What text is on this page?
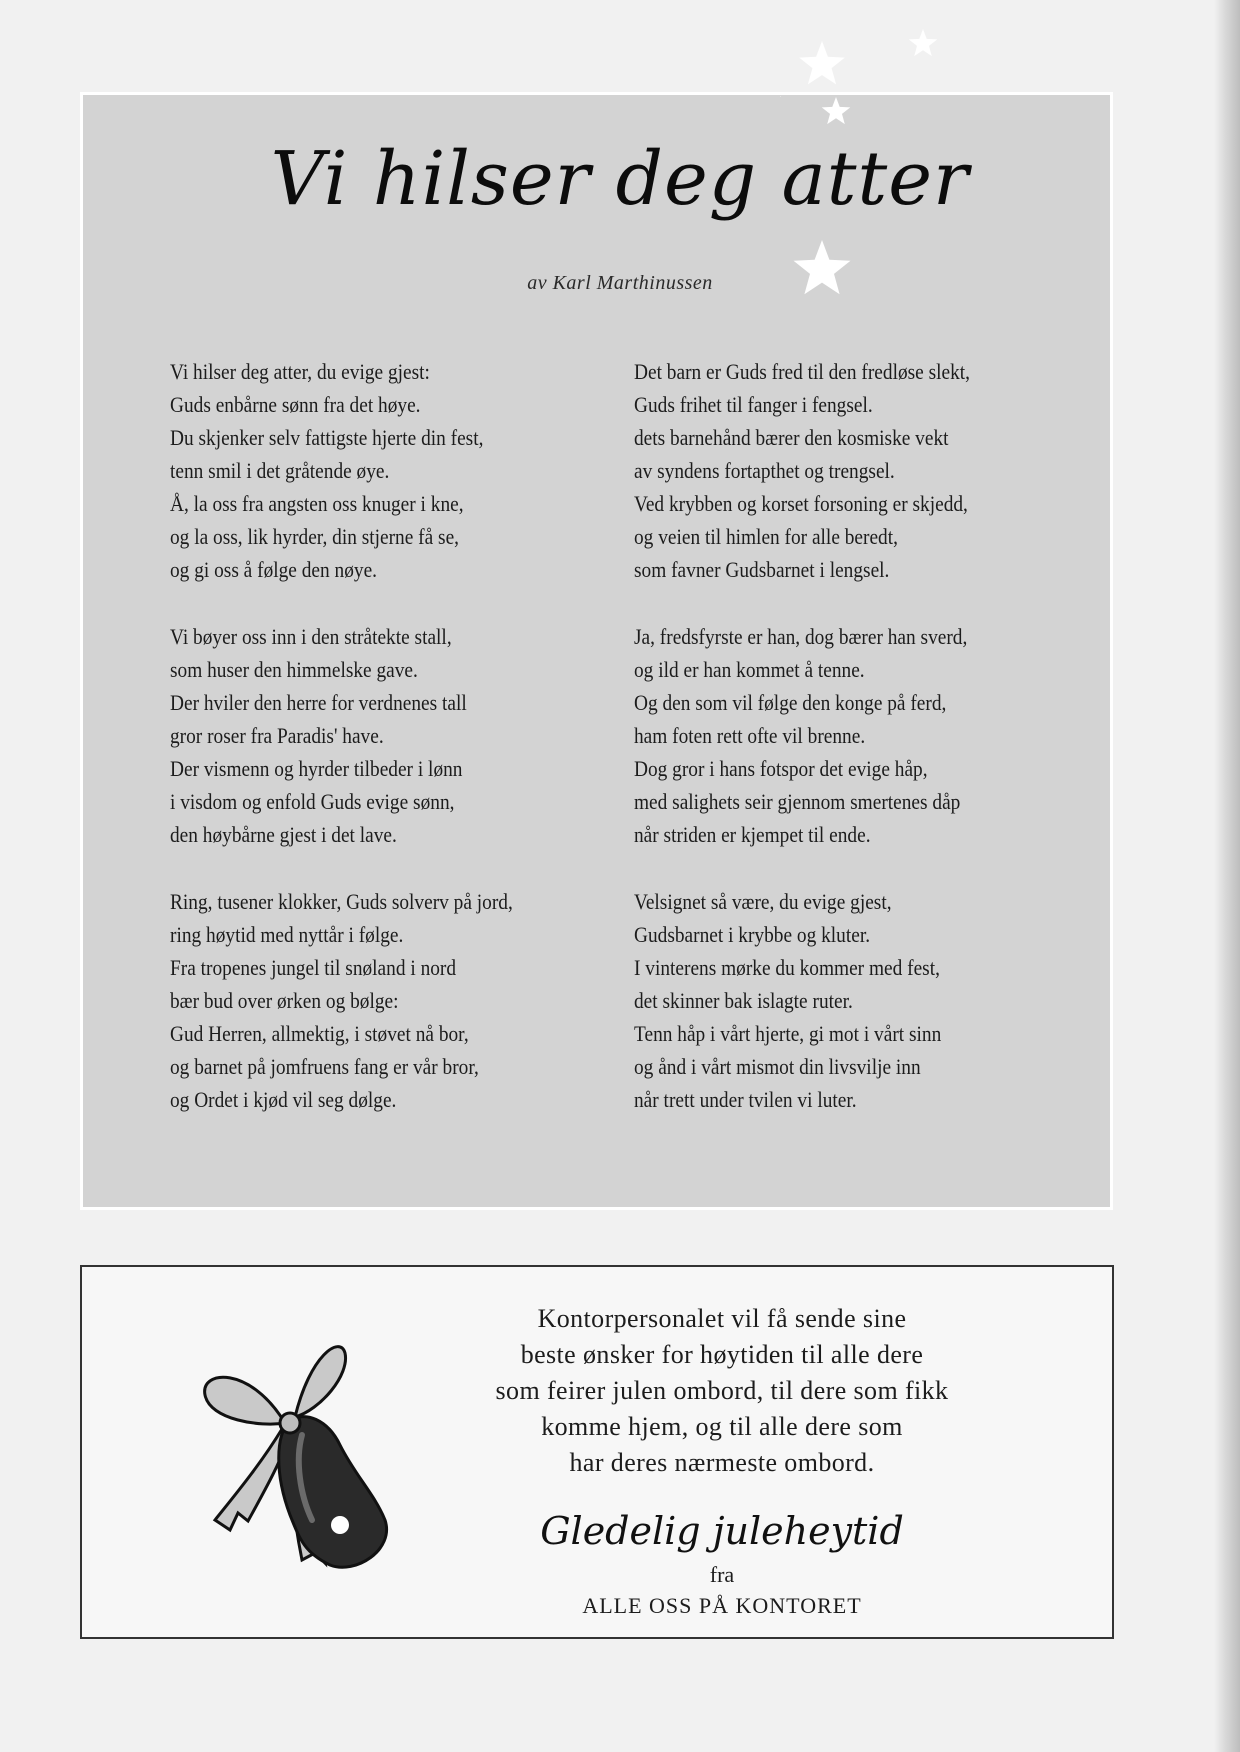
Vi hilser deg atter
av Karl Marthinussen
Vi hilser deg atter, du evige gjest:
Guds enbårne sønn fra det høye.
Du skjenker selv fattigste hjerte din fest,
tenn smil i det gråtende øye.
Å, la oss fra angsten oss knuger i kne,
og la oss, lik hyrder, din stjerne få se,
og gi oss å følge den nøye.
Vi bøyer oss inn i den stråtekte stall,
som huser den himmelske gave.
Der hviler den herre for verdnenes tall
gror roser fra Paradis' have.
Der vismenn og hyrder tilbeder i lønn
i visdom og enfold Guds evige sønn,
den høybårne gjest i det lave.
Ring, tusener klokker, Guds solverv på jord,
ring høytid med nyttår i følge.
Fra tropenes jungel til snøland i nord
bær bud over ørken og bølge:
Gud Herren, allmektig, i støvet nå bor,
og barnet på jomfruens fang er vår bror,
og Ordet i kjød vil seg dølge.
Det barn er Guds fred til den fredløse slekt,
Guds frihet til fanger i fengsel.
dets barnehånd bærer den kosmiske vekt
av syndens fortapthet og trengsel.
Ved krybben og korset forsoning er skjedd,
og veien til himlen for alle beredt,
som favner Gudsbarnet i lengsel.
Ja, fredsfyrste er han, dog bærer han sverd,
og ild er han kommet å tenne.
Og den som vil følge den konge på ferd,
ham foten rett ofte vil brenne.
Dog gror i hans fotspor det evige håp,
med salighets seir gjennom smertenes dåp
når striden er kjempet til ende.
Velsignet så være, du evige gjest,
Gudsbarnet i krybbe og kluter.
I vinterens mørke du kommer med fest,
det skinner bak islagte ruter.
Tenn håp i vårt hjerte, gi mot i vårt sinn
og ånd i vårt mismot din livsvilje inn
når trett under tvilen vi luter.
Kontorpersonalet vil få sende sine
beste ønsker for høytiden til alle dere
som feirer julen ombord, til dere som fikk
komme hjem, og til alle dere som
har deres nærmeste ombord.
Gledelig juleheytid
fra
ALLE OSS PÅ KONTORET
